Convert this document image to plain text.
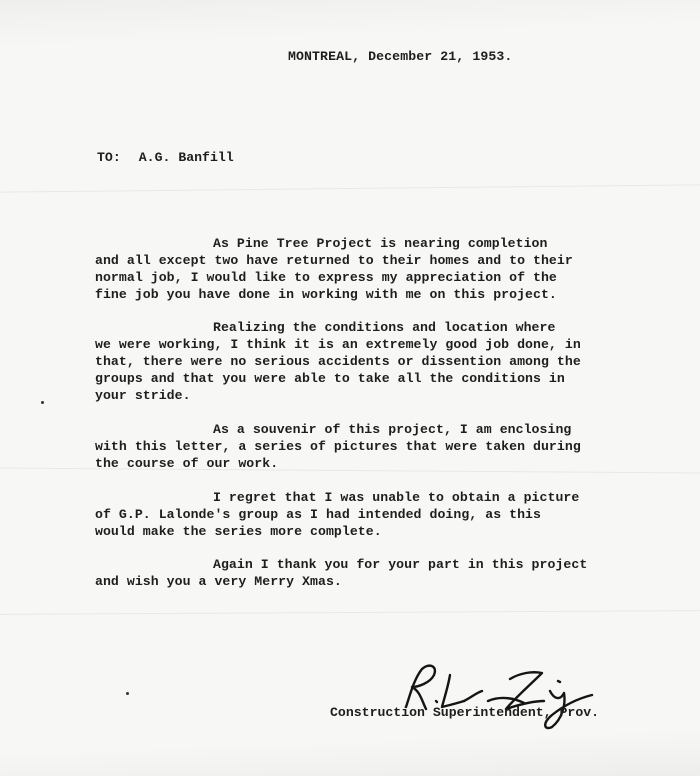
MONTREAL, December 21, 1953.
TO: A.G. Banfill
As Pine Tree Project is nearing completion
and all except two have returned to their homes and to their
normal job, I would like to express my appreciation of the
fine job you have done in working with me on this project.
Realizing the conditions and location where
we were working, I think it is an extremely good job done, in
that, there were no serious accidents or dissention among the
groups and that you were able to take all the conditions in
your stride.
As a souvenir of this project, I am enclosing
with this letter, a series of pictures that were taken during
the course of our work.
I regret that I was unable to obtain a picture
of G.P. Lalonde's group as I had intended doing, as this
would make the series more complete.
Again I thank you for your part in this project
and wish you a very Merry Xmas.
Construction Superintendent, Prov.
